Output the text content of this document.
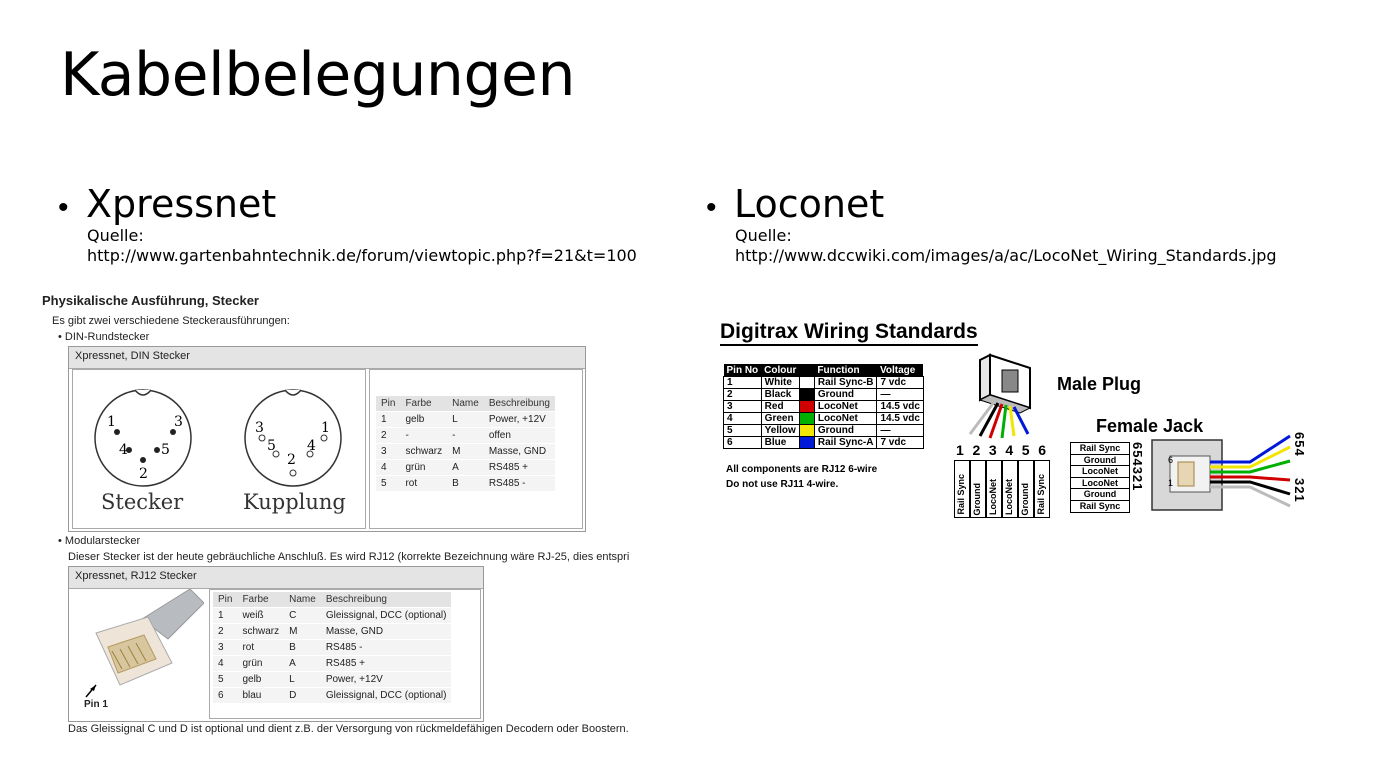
Kabelbelegungen
• Xpressnet
Quelle:
http://www.gartenbahntechnik.de/forum/viewtopic.php?f=21&t=100
• Loconet
Quelle:
http://www.dccwiki.com/images/a/ac/LocoNet_Wiring_Standards.jpg
Physikalische Ausführung, Stecker
Es gibt zwei verschiedene Steckerausführungen:
• DIN-Rundstecker
Xpressnet, DIN Stecker
1	3
4 5
2
3	1
5 4
2
Stecker	Kupplung
Pin	Farbe	Name	Beschreibung
1	gelb	L	Power, +12V
2	-	-	offen
3	schwarz	M	Masse, GND
4	grün	A	RS485 +
5	rot	B	RS485 -
• Modularstecker
Dieser Stecker ist der heute gebräuchliche Anschluß. Es wird RJ12 (korrekte Bezeichnung wäre RJ-25, dies entspri
Xpressnet, RJ12 Stecker
Pin 1
Pin	Farbe	Name	Beschreibung
1	weiß	C	Gleissignal, DCC (optional)
2	schwarz	M	Masse, GND
3	rot	B	RS485 -
4	grün	A	RS485 +
5	gelb	L	Power, +12V
6	blau	D	Gleissignal, DCC (optional)
Das Gleissignal C und D ist optional und dient z.B. der Versorgung von rückmeldefähigen Decodern oder Boostern.
Digitrax Wiring Standards
Pin No	Colour		Function	Voltage
1	White		Rail Sync-B	7 vdc
2	Black		Ground	—
3	Red		LocoNet	14.5 vdc
4	Green		LocoNet	14.5 vdc
5	Yellow		Ground	—
6	Blue		Rail Sync-A	7 vdc
All components are RJ12 6-wire
Do not use RJ11 4-wire.
Male Plug
1 2 3 4 5 6
Rail Sync Ground LocoNet LocoNet Ground Rail Sync
Female Jack
Rail Sync
Ground
LocoNet
LocoNet
Ground
Rail Sync
654321	6
1
654
321
